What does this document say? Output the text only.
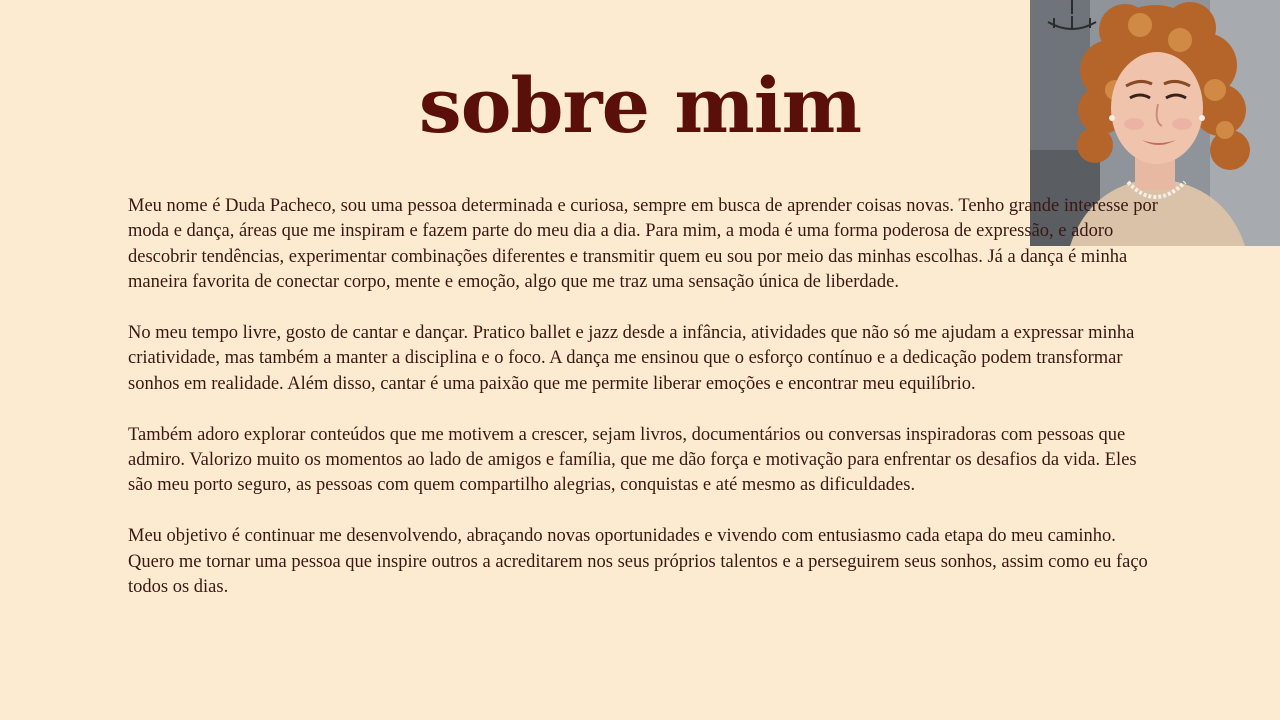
sobre mim

Meu nome é Duda Pacheco, sou uma pessoa determinada e curiosa, sempre em busca de aprender coisas novas. Tenho grande interesse por moda e dança, áreas que me inspiram e fazem parte do meu dia a dia. Para mim, a moda é uma forma poderosa de expressão, e adoro descobrir tendências, experimentar combinações diferentes e transmitir quem eu sou por meio das minhas escolhas. Já a dança é minha maneira favorita de conectar corpo, mente e emoção, algo que me traz uma sensação única de liberdade.

No meu tempo livre, gosto de cantar e dançar. Pratico ballet e jazz desde a infância, atividades que não só me ajudam a expressar minha criatividade, mas também a manter a disciplina e o foco. A dança me ensinou que o esforço contínuo e a dedicação podem transformar sonhos em realidade. Além disso, cantar é uma paixão que me permite liberar emoções e encontrar meu equilíbrio.

Também adoro explorar conteúdos que me motivem a crescer, sejam livros, documentários ou conversas inspiradoras com pessoas que admiro. Valorizo muito os momentos ao lado de amigos e família, que me dão força e motivação para enfrentar os desafios da vida. Eles são meu porto seguro, as pessoas com quem compartilho alegrias, conquistas e até mesmo as dificuldades.

Meu objetivo é continuar me desenvolvendo, abraçando novas oportunidades e vivendo com entusiasmo cada etapa do meu caminho. Quero me tornar uma pessoa que inspire outros a acreditarem nos seus próprios talentos e a perseguirem seus sonhos, assim como eu faço todos os dias.
